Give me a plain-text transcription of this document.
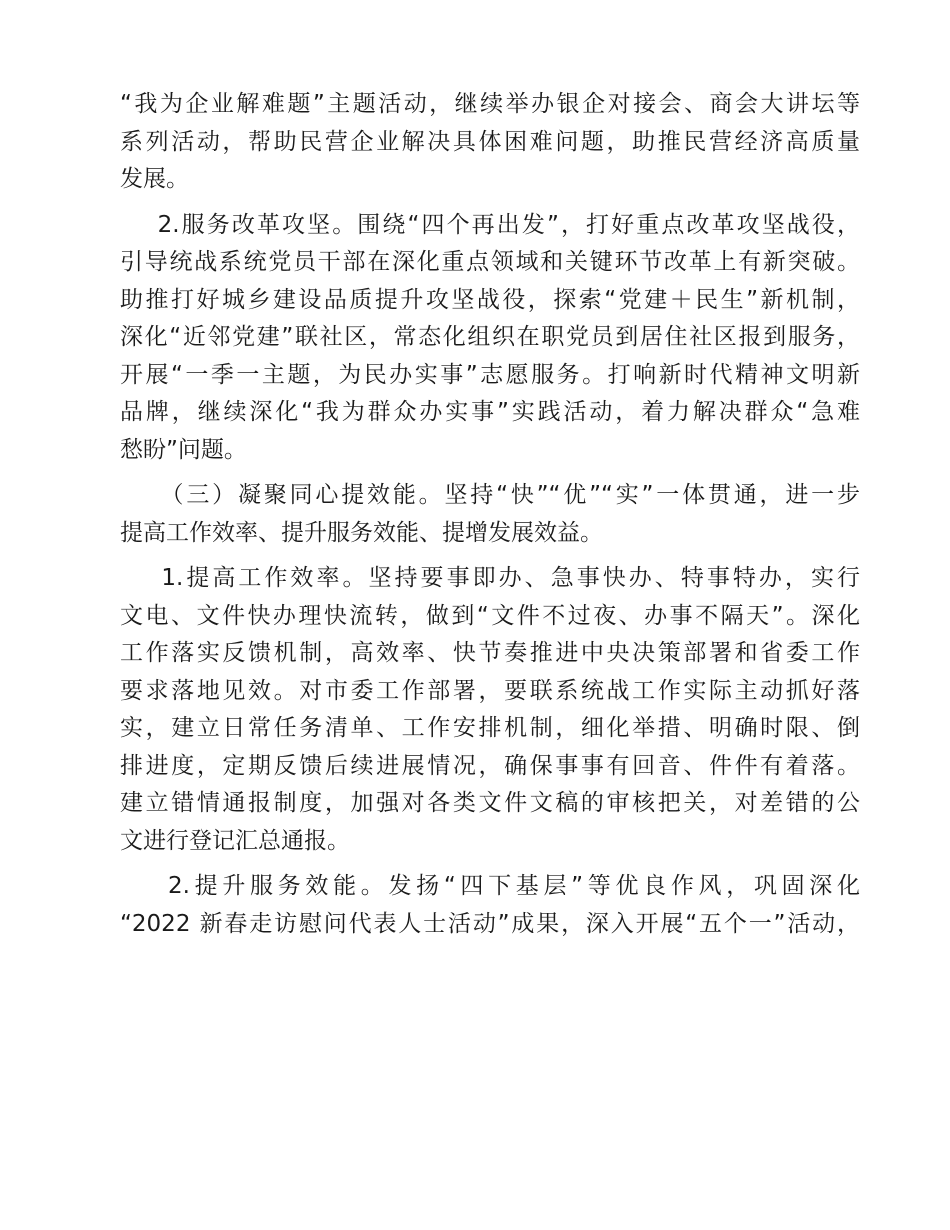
“我为企业解难题”主题活动，继续举办银企对接会、商会大讲坛等
系列活动，帮助民营企业解决具体困难问题，助推民营经济高质量
发展。
2.服务改革攻坚。围绕“四个再出发”，打好重点改革攻坚战役，
引导统战系统党员干部在深化重点领域和关键环节改革上有新突破。
助推打好城乡建设品质提升攻坚战役，探索“党建＋民生”新机制，
深化“近邻党建”联社区，常态化组织在职党员到居住社区报到服务，
开展“一季一主题，为民办实事”志愿服务。打响新时代精神文明新
品牌，继续深化“我为群众办实事”实践活动，着力解决群众“急难
愁盼”问题。
（三）凝聚同心提效能。坚持“快”“优”“实”一体贯通，进一步
提高工作效率、提升服务效能、提增发展效益。
1.提高工作效率。坚持要事即办、急事快办、特事特办，实行
文电、文件快办理快流转，做到“文件不过夜、办事不隔天”。深化
工作落实反馈机制，高效率、快节奏推进中央决策部署和省委工作
要求落地见效。对市委工作部署，要联系统战工作实际主动抓好落
实，建立日常任务清单、工作安排机制，细化举措、明确时限、倒
排进度，定期反馈后续进展情况，确保事事有回音、件件有着落。
建立错情通报制度，加强对各类文件文稿的审核把关，对差错的公
文进行登记汇总通报。
2.提升服务效能。发扬“四下基层”等优良作风，巩固深化
“2022 新春走访慰问代表人士活动”成果，深入开展“五个一”活动，
